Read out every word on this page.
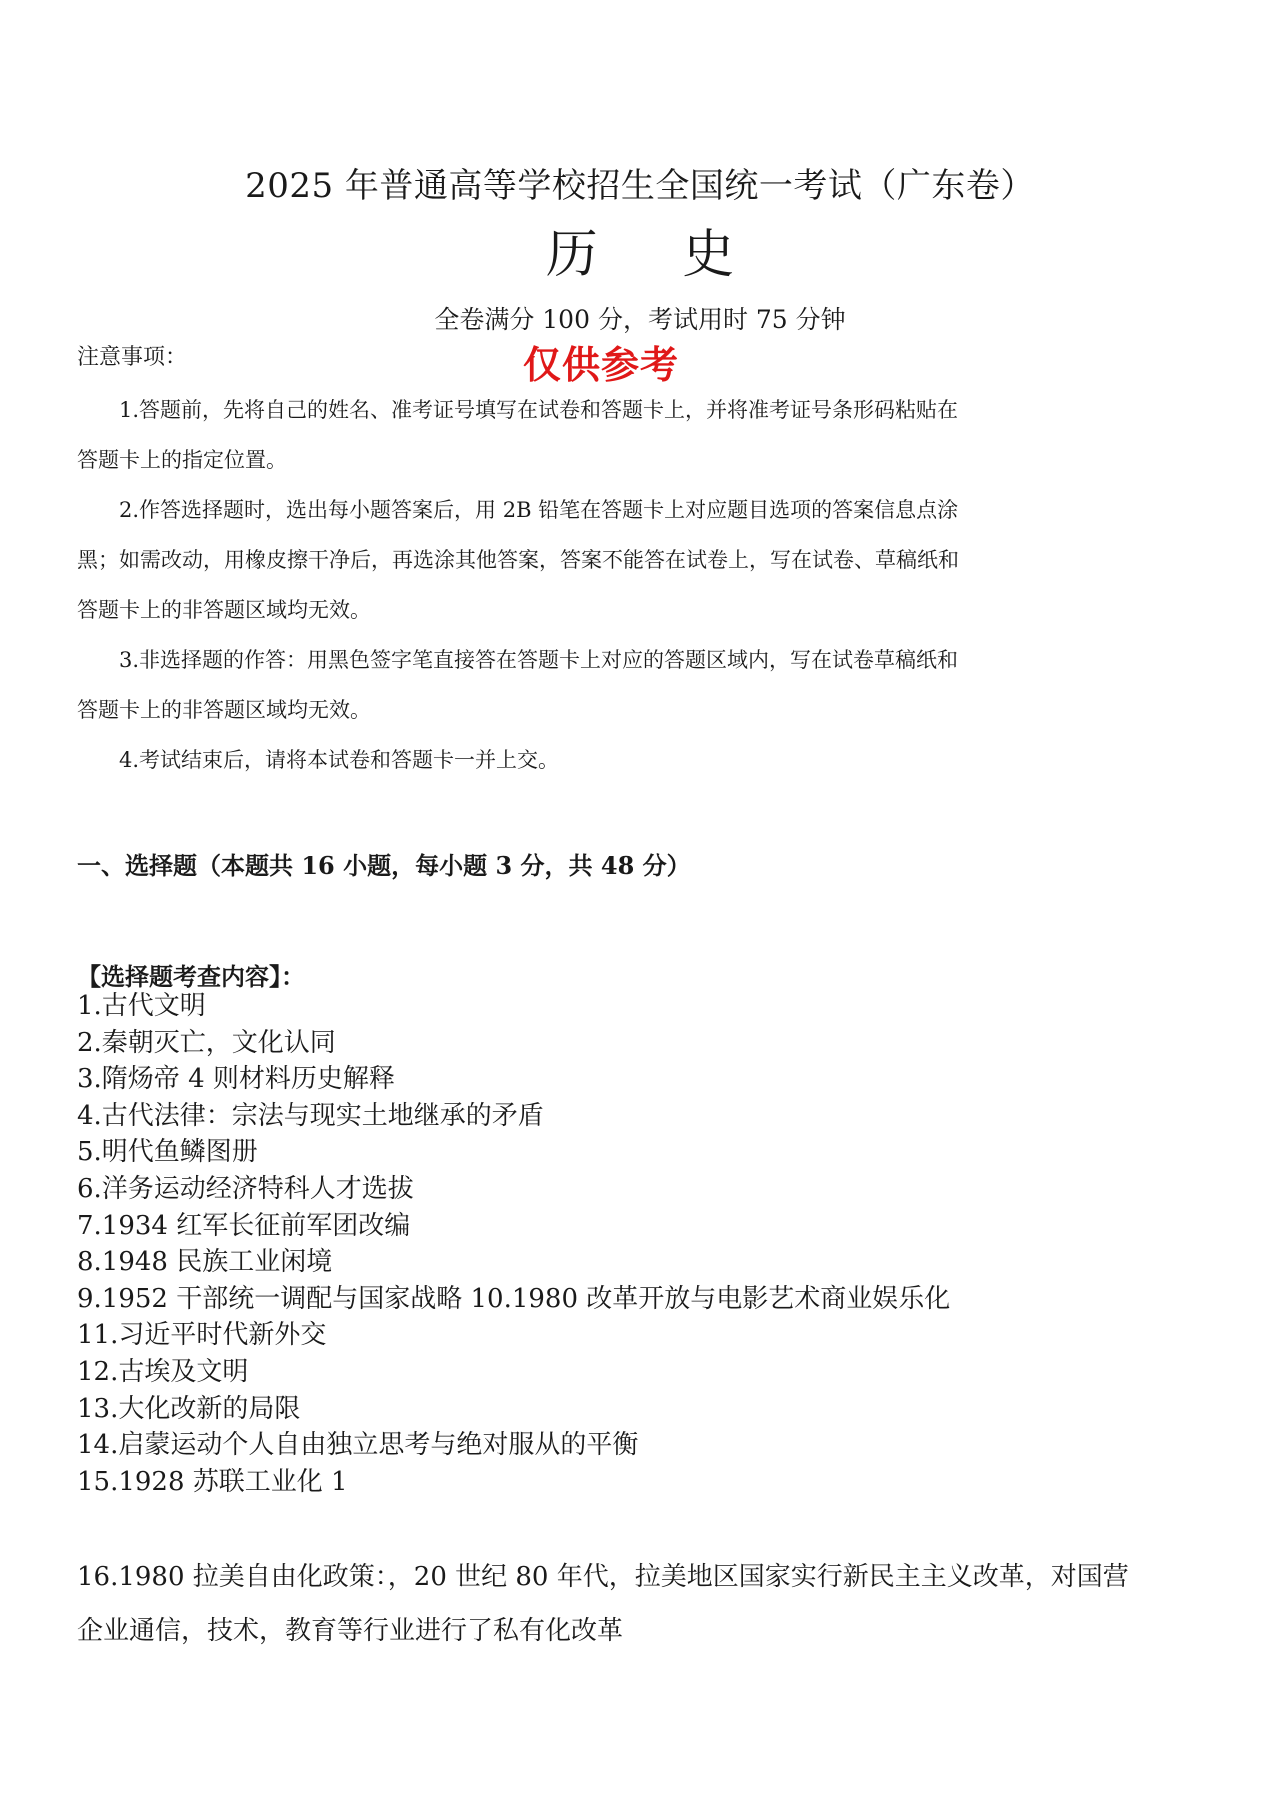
2025 年普通高等学校招生全国统一考试（广东卷）
历 史
全卷满分 100 分，考试用时 75 分钟
注意事项：	仅供参考
1.答题前，先将自己的姓名、准考证号填写在试卷和答题卡上，并将准考证号条形码粘贴在
答题卡上的指定位置。
2.作答选择题时，选出每小题答案后，用 2B 铅笔在答题卡上对应题目选项的答案信息点涂
黑；如需改动，用橡皮擦干净后，再选涂其他答案，答案不能答在试卷上，写在试卷、草稿纸和
答题卡上的非答题区域均无效。
3.非选择题的作答：用黑色签字笔直接答在答题卡上对应的答题区域内，写在试卷草稿纸和
答题卡上的非答题区域均无效。
4.考试结束后，请将本试卷和答题卡一并上交。
一、选择题（本题共 16 小题，每小题 3 分，共 48 分）
【选择题考查内容】：
1.古代文明
2.秦朝灭亡，文化认同
3.隋炀帝 4 则材料历史解释
4.古代法律：宗法与现实土地继承的矛盾
5.明代鱼鳞图册
6.洋务运动经济特科人才选拔
7.1934 红军长征前军团改编
8.1948 民族工业闲境
9.1952 干部统一调配与国家战略 10.1980 改革开放与电影艺术商业娱乐化
11.习近平时代新外交
12.古埃及文明
13.大化改新的局限
14.启蒙运动个人自由独立思考与绝对服从的平衡
15.1928 苏联工业化 1
16.1980 拉美自由化政策：，20 世纪 80 年代，拉美地区国家实行新民主主义改革，对国营
企业通信，技术，教育等行业进行了私有化改革
